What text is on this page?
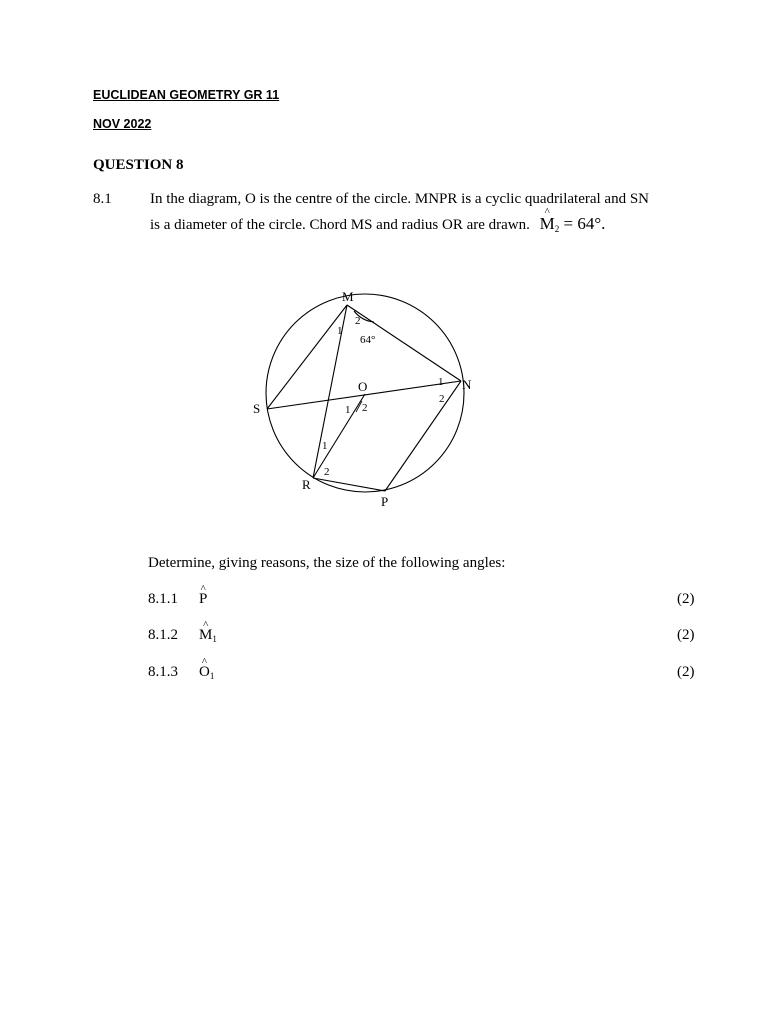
EUCLIDEAN GEOMETRY GR 11
NOV 2022
QUESTION 8
8.1	In the diagram, O is the centre of the circle. MNPR is a cyclic quadrilateral and SN
is a diameter of the circle. Chord MS and radius OR are drawn. ^ $M_2 = 64^\circ$.
M
N
S
O
R
P
1
2
64°
1
2
1 2
1
2
Determine, giving reasons, the size of the following angles:
8.1.1 ^ P	(2)
8.1.2 ^ $M_1$	(2)
8.1.3 ^ $O_1$	(2)
